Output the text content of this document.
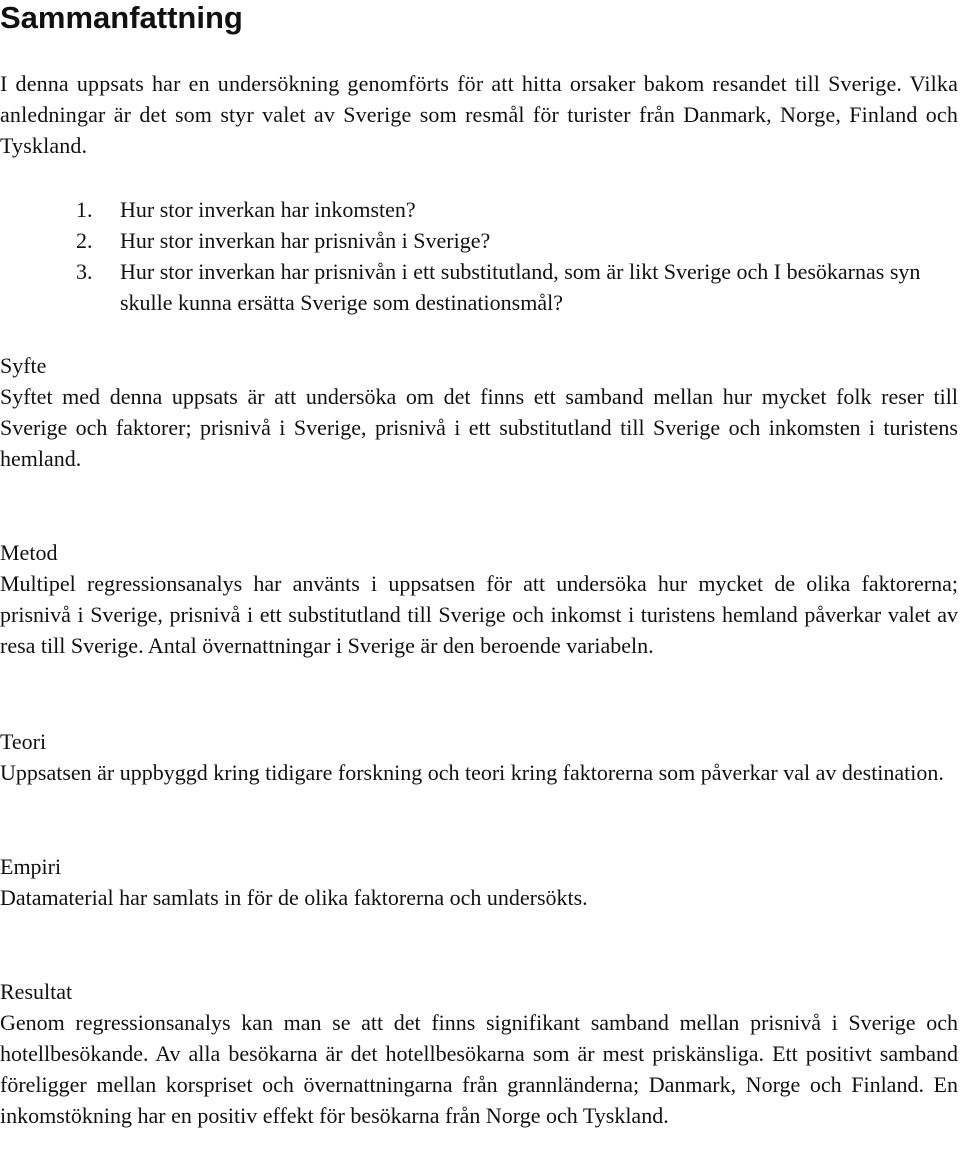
Sammanfattning

I denna uppsats har en undersökning genomförts för att hitta orsaker bakom resandet till Sverige. Vilka anledningar är det som styr valet av Sverige som resmål för turister från Danmark, Norge, Finland och Tyskland.

1. Hur stor inverkan har inkomsten?
2. Hur stor inverkan har prisnivån i Sverige?
3. Hur stor inverkan har prisnivån i ett substitutland, som är likt Sverige och I besökarnas syn skulle kunna ersätta Sverige som destinationsmål?
Syfte

Syftet med denna uppsats är att undersöka om det finns ett samband mellan hur mycket folk reser till Sverige och faktorer; prisnivå i Sverige, prisnivå i ett substitutland till Sverige och inkomsten i turistens hemland.

Metod

Multipel regressionsanalys har använts i uppsatsen för att undersöka hur mycket de olika faktorerna; prisnivå i Sverige, prisnivå i ett substitutland till Sverige och inkomst i turistens hemland påverkar valet av resa till Sverige. Antal övernattningar i Sverige är den beroende variabeln.

Teori

Uppsatsen är uppbyggd kring tidigare forskning och teori kring faktorerna som påverkar val av destination.

Empiri

Datamaterial har samlats in för de olika faktorerna och undersökts.

Resultat

Genom regressionsanalys kan man se att det finns signifikant samband mellan prisnivå i Sverige och hotellbesökande. Av alla besökarna är det hotellbesökarna som är mest priskänsliga. Ett positivt samband föreligger mellan korspriset och övernattningarna från grannländerna; Danmark, Norge och Finland. En inkomstökning har en positiv effekt för besökarna från Norge och Tyskland.
